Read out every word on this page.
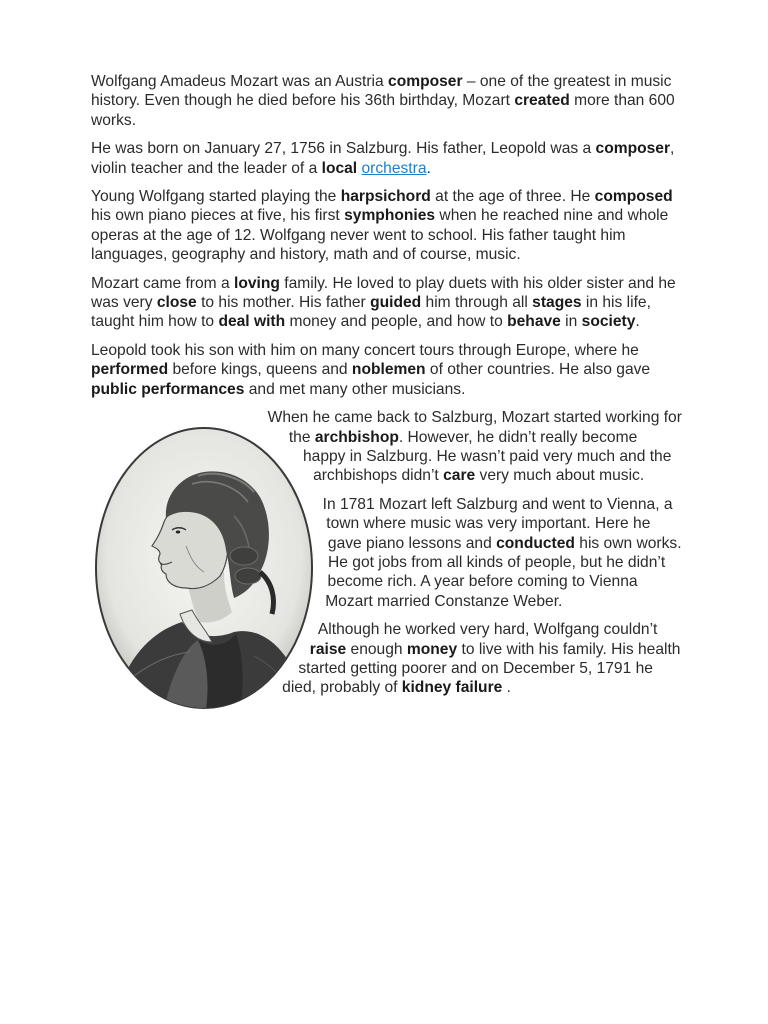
Wolfgang Amadeus Mozart was an Austria composer – one of the greatest in music history. Even though he died before his 36th birthday, Mozart created more than 600 works.

He was born on January 27, 1756 in Salzburg. His father, Leopold was a composer, violin teacher and the leader of a local orchestra.

Young Wolfgang started playing the harpsichord at the age of three. He composed his own piano pieces at five, his first symphonies when he reached nine and whole operas at the age of 12. Wolfgang never went to school. His father taught him languages, geography and history, math and of course, music.

Mozart came from a loving family. He loved to play duets with his older sister and he was very close to his mother. His father guided him through all stages in his life, taught him how to deal with money and people, and how to behave in society.

Leopold took his son with him on many concert tours through Europe, where he performed before kings, queens and noblemen of other countries. He also gave public performances and met many other musicians.

When he came back to Salzburg, Mozart started working for the archbishop. However, he didn’t really become happy in Salzburg. He wasn’t paid very much and the archbishops didn’t care very much about music.

In 1781 Mozart left Salzburg and went to Vienna, a town where music was very important. Here he gave piano lessons and conducted his own works. He got jobs from all kinds of people, but he didn’t become rich. A year before coming to Vienna Mozart married Constanze Weber.

Although he worked very hard, Wolfgang couldn’t raise enough money to live with his family. His health started getting poorer and on December 5, 1791 he died, probably of kidney failure .
